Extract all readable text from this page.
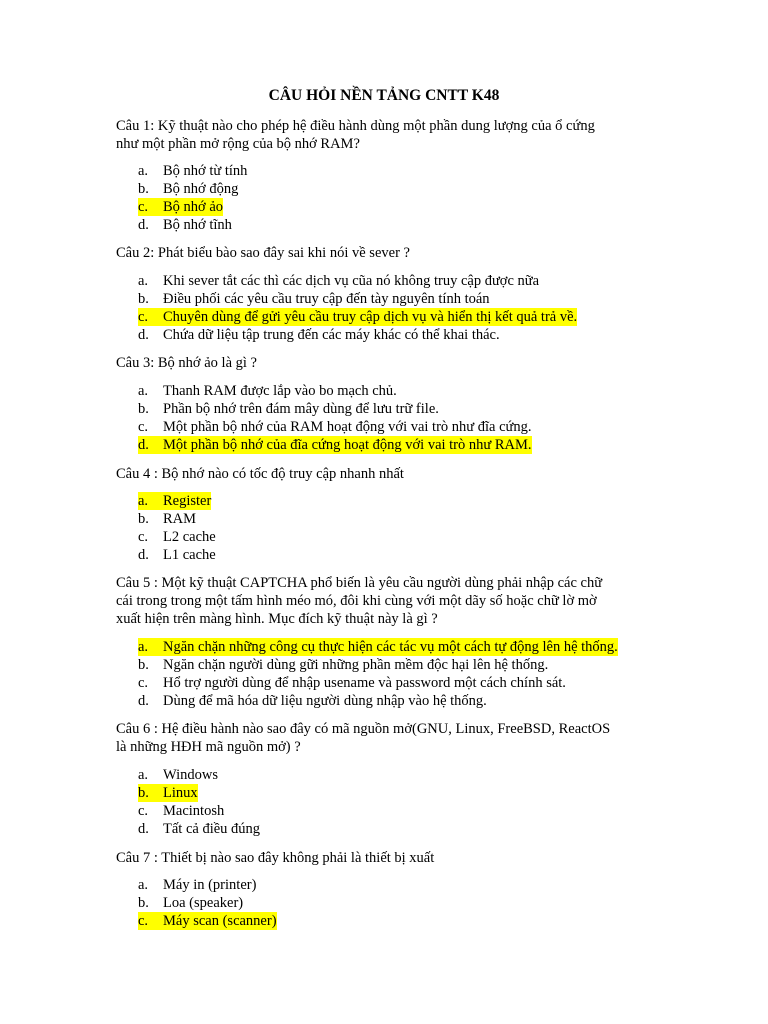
CÂU HỎI NỀN TẢNG CNTT K48
Câu 1: Kỹ thuật nào cho phép hệ điều hành dùng một phần dung lượng của ổ cứng
như một phần mở rộng của bộ nhớ RAM?
a.	Bộ nhớ từ tính
b. Bộ nhớ động
c.	Bộ nhớ ảo
d. Bộ nhớ tĩnh
Câu 2: Phát biểu bào sao đây sai khi nói về sever ?
a.	Khi sever tắt các thì các dịch vụ cũa nó không truy cập được nữa
b. Điều phối các yêu cầu truy cập đến tày nguyên tính toán
c.	Chuyên dùng để gửi yêu cầu truy cập dịch vụ và hiển thị kết quả trả về.
d. Chứa dữ liệu tập trung đến các máy khác có thể khai thác.
Câu 3: Bộ nhớ ảo là gì ?
a.	Thanh RAM được lắp vào bo mạch chủ.
b. Phần bộ nhớ trên đám mây dùng để lưu trữ file.
c.	Một phần bộ nhớ của RAM hoạt động với vai trò như đĩa cứng.
d. Một phần bộ nhớ của đĩa cứng hoạt động với vai trò như RAM.
Câu 4 : Bộ nhớ nào có tốc độ truy cập nhanh nhất
a.	Register
b. RAM
c.	L2 cache
d. L1 cache
Câu 5 : Một kỹ thuật CAPTCHA phổ biến là yêu cầu người dùng phải nhập các chữ
cái trong trong một tấm hình méo mó, đôi khi cùng với một dãy số hoặc chữ lờ mờ
xuất hiện trên màng hình. Mục đích kỹ thuật này là gì ?
a.	Ngăn chặn những công cụ thực hiện các tác vụ một cách tự động lên hệ thống.
b. Ngăn chặn người dùng gữi những phần mềm độc hại lên hệ thống.
c.	Hổ trợ người dùng để nhập usename và password một cách chính sát.
d. Dùng để mã hóa dữ liệu người dùng nhập vào hệ thống.
Câu 6 : Hệ điều hành nào sao đây có mã nguồn mở(GNU, Linux, FreeBSD, ReactOS
là những HĐH mã nguồn mở) ?
a.	Windows
b. Linux
c.	Macintosh
d. Tất cả điều đúng
Câu 7 : Thiết bị nào sao đây không phải là thiết bị xuất
a.	Máy in (printer)
b. Loa (speaker)
c.	Máy scan (scanner)
